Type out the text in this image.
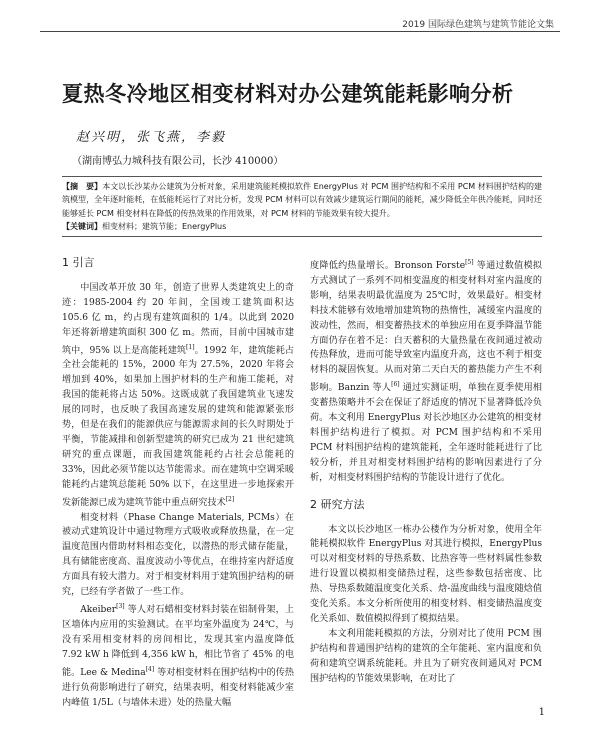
2019 国际绿色建筑与建筑节能论文集
夏热冬冷地区相变材料对办公建筑能耗影响分析
赵兴明，张飞燕，李毅
（湖南博弘力城科技有限公司，长沙 410000）
【摘　要】本文以长沙某办公建筑为分析对象，采用建筑能耗模拟软件 EnergyPlus 对 PCM 围护结构和不采用 PCM 材料围护结构的建筑模型，全年逐时能耗，在低能耗运行了对比分析，发现 PCM 材料可以有效减少建筑运行期间的能耗，减少降低全年供冷能耗，同时还能够延长 PCM 相变材料在降低的传热效果的作用效果，对 PCM 材料的节能效果有较大提升。
【关键词】相变材料；建筑节能；EnergyPlus
1 引言

中国改革开放 30 年，创造了世界人类建筑史上的奇迹：1985-2004 约 20 年间，全国竣工建筑面积达 105.6 亿 m，约占现有建筑面积的 1/4。以此到 2020 年还将新增建筑面积 300 亿 m。然而，目前中国城市建筑中，95% 以上是高能耗建筑[1]。1992 年，建筑能耗占全社会能耗的 15%，2000 年为 27.5%，2020 年将会增加到 40%，如果加上围护材料的生产和施工能耗，对我国的能耗将占达 50%。这既成就了我国建筑业飞速发展的同时，也反映了我国高速发展的建筑和能源紧张形势，但是在我们的能源供应与能源需求间的长久时期处于平衡，节能减排和创新型建筑的研究已成为 21 世纪建筑研究的重点课题，而我国建筑能耗约占社会总能耗的 33%，因此必须节能以达节能需求。而在建筑中空调采暖能耗约占建筑总能耗 50% 以下，在这里进一步地探索开发新能源已成为建筑节能中重点研究技术[2]

相变材料（Phase Change Materials, PCMs）在被动式建筑设计中通过物理方式吸收或释放热量，在一定温度范围内借助材料相态变化，以潜热的形式储存能量，具有储能密度高、温度波动小等优点，在维持室内舒适度方面具有较大潜力。对于相变材料用于建筑围护结构的研究，已经有学者做了一些工作。

Akeiber[3] 等人对石蜡相变材料封装在铝制骨架，上区墙体内应用的实验测试。在平均室外温度为 24℃，与没有采用相变材料的房间相比，发现其室内温度降低 7.92 kW h 降低到 4,356 kW h，相比节省了 45% 的电能。Lee & Medina[4] 等对相变材料在围护结构中的传热进行负荷影响进行了研究，结果表明，相变材料能减少室内峰值 1/5L（与墙体未进）处的热量大幅

度降低约热量增长。Bronson Forste[5] 等通过数值模拟方式测试了一系列不同相变温度的相变材料对室内温度的影响，结果表明最优温度为 25℃时，效果最好。相变材料技术能够有效地增加建筑物的热惰性，减缓室内温度的波动性，然而，相变蓄热技术的单独应用在夏季降温节能方面仍存在着不足：白天蓄积的大量热量在夜间通过被动传热释放，进而可能导致室内温度升高，这也不利于相变材料的凝固恢复。从而对第二天白天的蓄热能力产生不利影响。Banzin 等人[6] 通过实测证明，单独在夏季使用相变蓄热策略并不会在保证了舒适度的情况下显著降低冷负荷。本文利用 EnergyPlus 对长沙地区办公建筑的相变材料围护结构进行了模拟。对 PCM 围护结构和不采用 PCM 材料围护结构的建筑能耗，全年逐时能耗进行了比较分析，并且对相变材料围护结构的影响因素进行了分析，对相变材料围护结构的节能设计进行了优化。

2 研究方法

本文以长沙地区一栋办公楼作为分析对象，使用全年能耗模拟软件 EnergyPlus 对其进行模拟，EnergyPlus 可以对相变材料的导热系数、比热容等一些材料属性参数进行设置以模拟相变储热过程，这些参数包括密度、比热、导热系数随温度变化关系、焓-温度曲线与温度随焓值变化关系。本文分析所使用的相变材料、相变储热温度变化关系如、数值模拟得到了模拟结果。

本文利用能耗模拟的方法，分别对比了使用 PCM 围护结构和普通围护结构的建筑的全年能耗、室内温度和负荷和建筑空调系统能耗。并且为了研究夜间通风对 PCM 围护结构的节能效果影响，在对比了

1
